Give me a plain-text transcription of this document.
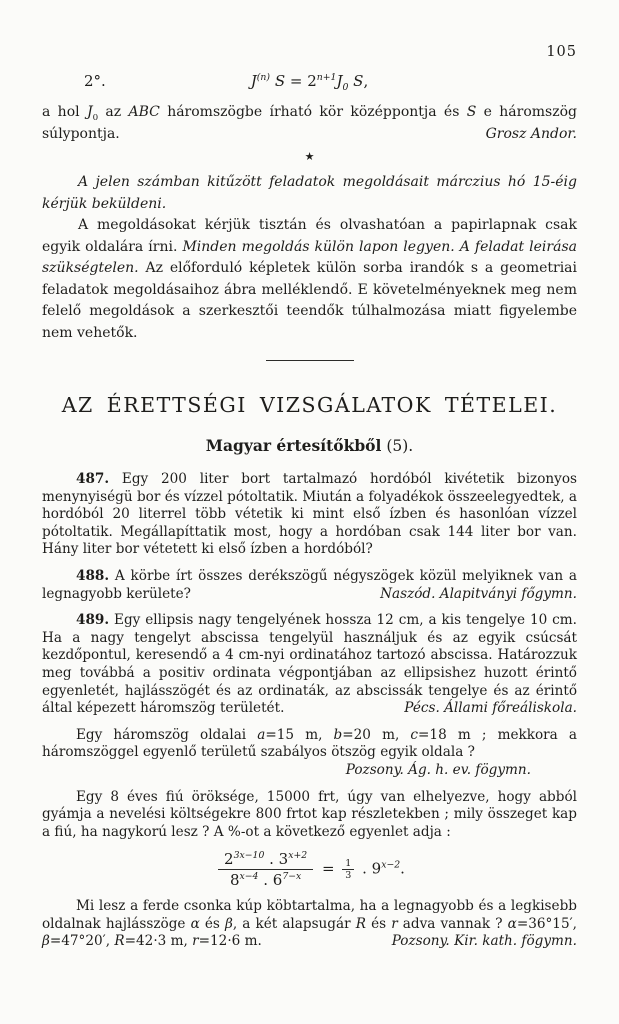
105
2°.	$J^{(n)}$ $S = 2^{n+1}J_0$ S,

a hol $J_0$ az ABC háromszögbe írható kör középpontja és S e háromszög súlypontja.	Grosz Andor.

★

A jelen számban kitűzött feladatok megoldásait márczius hó 15-éig kérjük beküldeni.

A megoldásokat kérjük tisztán és olvashatóan a papirlapnak csak egyik oldalára írni. Minden megoldás külön lapon legyen. A feladat leirása szükségtelen. Az előforduló képletek külön sorba irandók s a geometriai feladatok megoldásaihoz ábra melléklendő. E követelményeknek meg nem felelő megoldások a szerkesztői teendők túlhalmozása miatt figyelembe nem vehetők.

AZ ÉRETTSÉGI VIZSGÁLATOK TÉTELEI.
Magyar értesítőkből (5).

487. Egy 200 liter bort tartalmazó hordóból kivétetik bizonyos menynyiségü bor és vízzel pótoltatik. Miután a folyadékok összeelegyedtek, a hordóból 20 literrel több vétetik ki mint első ízben és hasonlóan vízzel pótoltatik. Megállapíttatik most, hogy a hordóban csak 144 liter bor van. Hány liter bor vétetett ki első ízben a hordóból?

488. A körbe írt összes derékszögű négyszögek közül melyiknek van a legnagyobb kerülete?	Naszód. Alapitványi főgymn.

489. Egy ellipsis nagy tengelyének hossza 12 cm, a kis tengelye 10 cm. Ha a nagy tengelyt abscissa tengelyül használjuk és az egyik csúcsát kezdőpontul, keresendő a 4 cm-nyi ordinatához tartozó abscissa. Határozzuk meg továbbá a positiv ordinata végpontjában az ellipsishez huzott érintő egyenletét, hajlásszögét és az ordinaták, az abscissák tengelye és az érintő által képezett háromszög területét.	Pécs. Állami főreáliskola.

Egy háromszög oldalai a=15 m, b=20 m, c=18 m ; mekkora a háromszöggel egyenlő területű szabályos ötszög egyik oldala ?

Pozsony. Ág. h. ev. fögymn.

Egy 8 éves fiú öröksége, 15000 frt, úgy van elhelyezve, hogy abból gyámja a nevelési költségekre 800 frtot kap részletekben ; mily összeget kap a fiú, ha nagykorú lesz ? A %-ot a következő egyenlet adja :

$\frac{2^{3x-10} . 3^{x+2}}{8^{x-4} . 6^{7-x}} = \frac{1}{3}$ . $9^{x-2}$.

Mi lesz a ferde csonka kúp köbtartalma, ha a legnagyobb és a legkisebb oldalnak hajlásszöge α és β, a két alapsugár R és r adva vannak ? α=36°15′, β=47°20′, R=42·3 m, r=12·6 m.	Pozsony. Kir. kath. fögymn.
